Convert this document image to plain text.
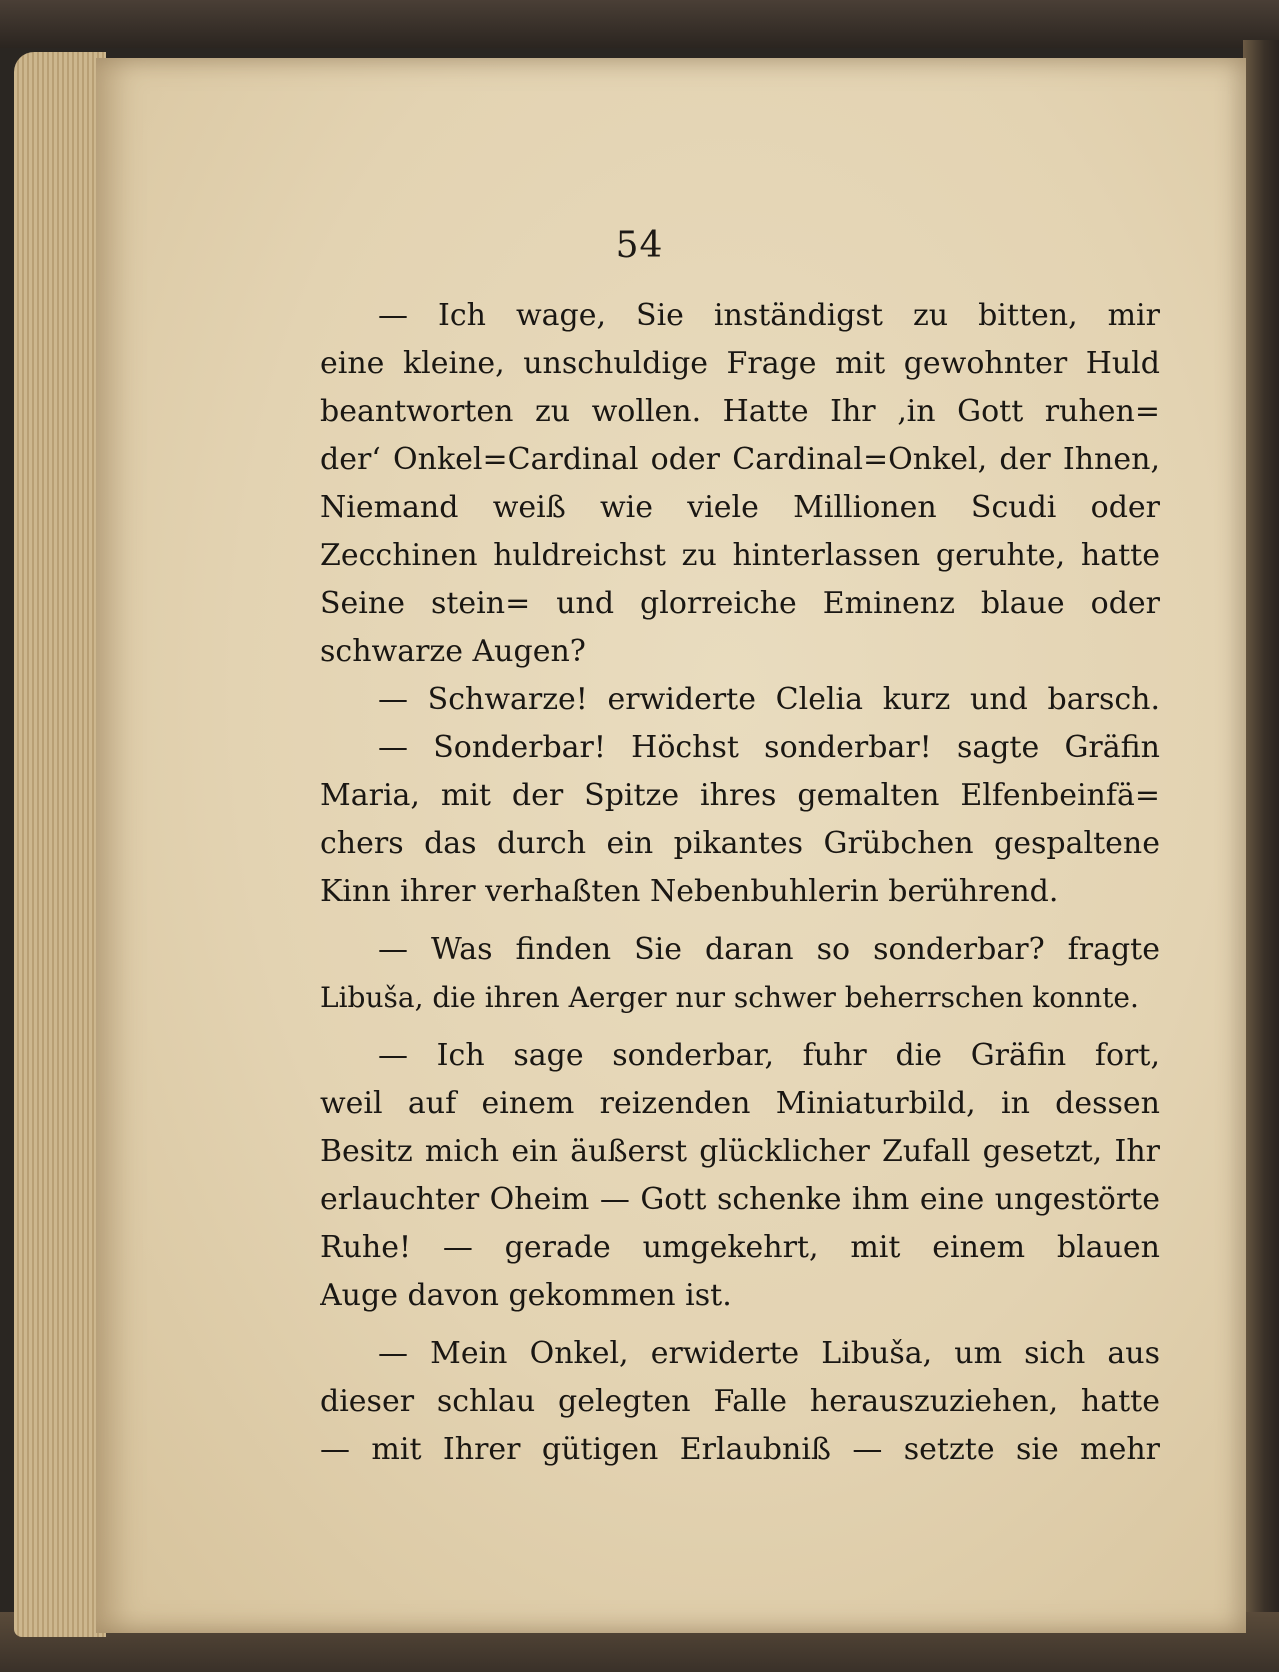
54
— Ich wage, Sie inständigst zu bitten, mir
eine kleine, unschuldige Frage mit gewohnter Huld
beantworten zu wollen. Hatte Ihr ‚in Gott ruhen=
der‘ Onkel=Cardinal oder Cardinal=Onkel, der Ihnen,
Niemand weiß wie viele Millionen Scudi oder
Zecchinen huldreichst zu hinterlassen geruhte, hatte
Seine stein= und glorreiche Eminenz blaue oder
schwarze Augen?
— Schwarze! erwiderte Clelia kurz und barsch.
— Sonderbar! Höchst sonderbar! sagte Gräfin
Maria, mit der Spitze ihres gemalten Elfenbeinfä=
chers das durch ein pikantes Grübchen gespaltene
Kinn ihrer verhaßten Nebenbuhlerin berührend.
— Was finden Sie daran so sonderbar? fragte
Libuša, die ihren Aerger nur schwer beherrschen konnte.
— Ich sage sonderbar, fuhr die Gräfin fort,
weil auf einem reizenden Miniaturbild, in dessen
Besitz mich ein äußerst glücklicher Zufall gesetzt, Ihr
erlauchter Oheim — Gott schenke ihm eine ungestörte
Ruhe! — gerade umgekehrt, mit einem blauen
Auge davon gekommen ist.
— Mein Onkel, erwiderte Libuša, um sich aus
dieser schlau gelegten Falle herauszuziehen, hatte
— mit Ihrer gütigen Erlaubniß — setzte sie mehr
